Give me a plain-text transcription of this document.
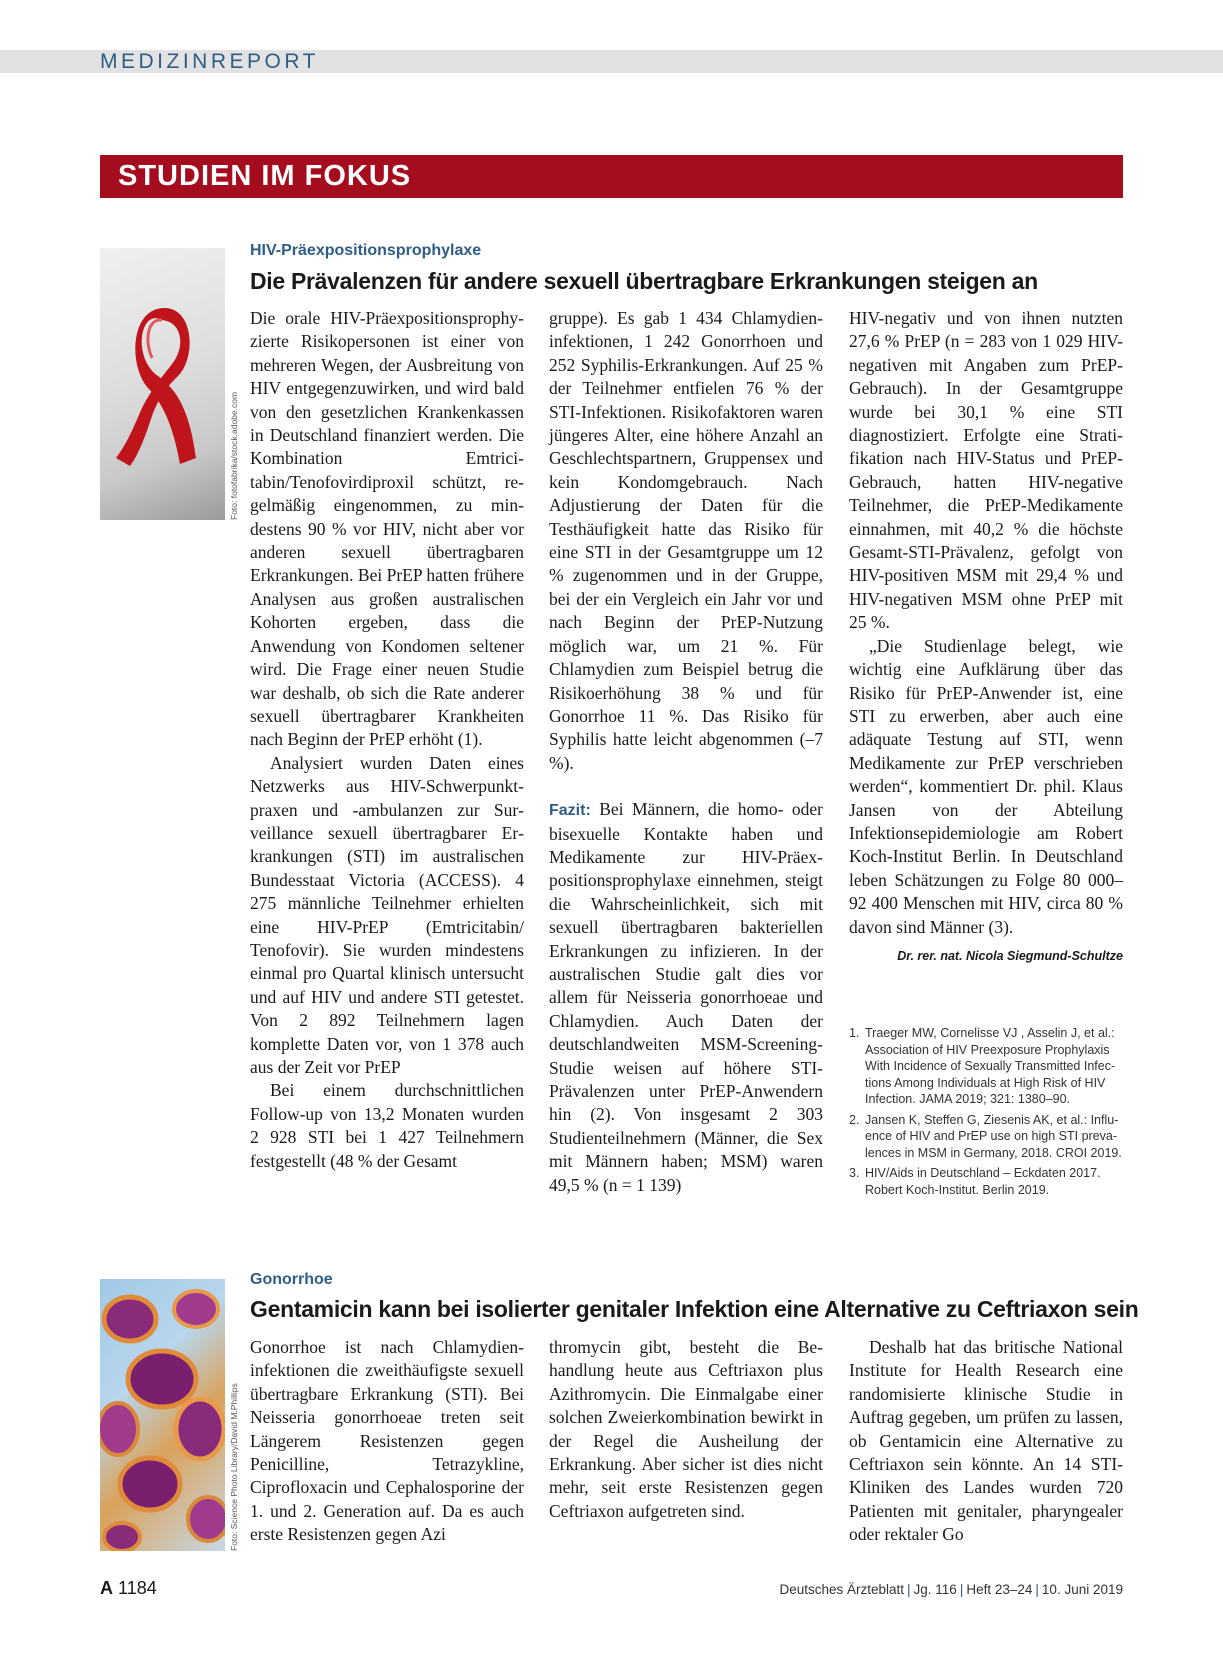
MEDIZINREPORT
STUDIEN IM FOKUS
Foto: fotofabrika/stock.adobe.com
HIV-Präexpositionsprophylaxe
Die Prävalenzen für andere sexuell übertragbare Erkrankungen steigen an

Die orale HIV-Präexpositionsprophyzierte Risikopersonen ist einer von mehreren Wegen, der Ausbreitung von HIV entgegenzuwirken, und wird bald von den gesetzlichen Krankenkassen in Deutschland finanziert werden. Die Kombination Emtricitabin/Tenofovirdiproxil schützt, regelmäßig eingenommen, zu mindestens 90 % vor HIV, nicht aber vor anderen sexuell übertragbaren Erkrankungen. Bei PrEP hatten frühere Analysen aus großen australischen Kohorten ergeben, dass die Anwendung von Kondomen seltener wird. Die Frage einer neuen Studie war deshalb, ob sich die Rate anderer sexuell übertragbarer Krankheiten nach Beginn der PrEP erhöht (1).

Analysiert wurden Daten eines Netzwerks aus HIV-Schwerpunktpraxen und -ambulanzen zur Surveillance sexuell übertragbarer Erkrankungen (STI) im australischen Bundesstaat Victoria (ACCESS). 4 275 männliche Teilnehmer erhielten eine HIV-PrEP (Emtricitabin/ Tenofovir). Sie wurden mindestens einmal pro Quartal klinisch untersucht und auf HIV und andere STI getestet. Von 2 892 Teilnehmern lagen komplette Daten vor, von 1 378 auch aus der Zeit vor PrEP

Bei einem durchschnittlichen Follow-up von 13,2 Monaten wurden 2 928 STI bei 1 427 Teilnehmern festgestellt (48 % der Gesamt

gruppe). Es gab 1 434 Chlamydieninfektionen, 1 242 Gonorrhoen und 252 Syphilis-Erkrankungen. Auf 25 % der Teilnehmer entfielen 76 % der STI-Infektionen. Risikofaktoren waren jüngeres Alter, eine höhere Anzahl an Geschlechtspartnern, Gruppensex und kein Kondomgebrauch. Nach Adjustierung der Daten für die Testhäufigkeit hatte das Risiko für eine STI in der Gesamtgruppe um 12 % zugenommen und in der Gruppe, bei der ein Vergleich ein Jahr vor und nach Beginn der PrEP-Nutzung möglich war, um 21 %. Für Chlamydien zum Beispiel betrug die Risikoerhöhung 38 % und für Gonorrhoe 11 %. Das Risiko für Syphilis hatte leicht abgenommen (–7 %).

Fazit: Bei Männern, die homo- oder bisexuelle Kontakte haben und Medikamente zur HIV-Präexpositionsprophylaxe einnehmen, steigt die Wahrscheinlichkeit, sich mit sexuell übertragbaren bakteriellen Erkrankungen zu infizieren. In der australischen Studie galt dies vor allem für Neisseria gonorrhoeae und Chlamydien. Auch Daten der deutschlandweiten MSM-Screening-Studie weisen auf höhere STI-Prävalenzen unter PrEP-Anwendern hin (2). Von insgesamt 2 303 Studienteilnehmern (Männer, die Sex mit Männern haben; MSM) waren 49,5 % (n = 1 139)

HIV-negativ und von ihnen nutzten 27,6 % PrEP (n = 283 von 1 029 HIV-negativen mit Angaben zum PrEP-Gebrauch). In der Gesamtgruppe wurde bei 30,1 % eine STI diagnostiziert. Erfolgte eine Stratifikation nach HIV-Status und PrEP-Gebrauch, hatten HIV-negative Teilnehmer, die PrEP-Medikamente einnahmen, mit 40,2 % die höchste Gesamt-STI-Prävalenz, gefolgt von HIV-positiven MSM mit 29,4 % und HIV-negativen MSM ohne PrEP mit 25 %.

„Die Studienlage belegt, wie wichtig eine Aufklärung über das Risiko für PrEP-Anwender ist, eine STI zu erwerben, aber auch eine adäquate Testung auf STI, wenn Medikamente zur PrEP verschrieben werden“, kommentiert Dr. phil. Klaus Jansen von der Abteilung Infektionsepidemiologie am Robert Koch-Institut Berlin. In Deutschland leben Schätzungen zu Folge 80 000–92 400 Menschen mit HIV, circa 80 % davon sind Männer (3).

Dr. rer. nat. Nicola Siegmund-Schultze
1. Traeger MW, Cornelisse VJ , Asselin J, et al.: Association of HIV Preexposure Prophylaxis With Incidence of Sexually Transmitted Infections Among Individuals at High Risk of HIV Infection. JAMA 2019; 321: 1380–90.
2. Jansen K, Steffen G, Ziesenis AK, et al.: Influence of HIV and PrEP use on high STI prevalences in MSM in Germany, 2018. CROI 2019.
3. HIV/Aids in Deutschland – Eckdaten 2017. Robert Koch-Institut. Berlin 2019.
Foto: Science Photo Library/David M.Phillips
Gonorrhoe
Gentamicin kann bei isolierter genitaler Infektion eine Alternative zu Ceftriaxon sein

Gonorrhoe ist nach Chlamydieninfektionen die zweithäufigste sexuell übertragbare Erkrankung (STI). Bei Neisseria gonorrhoeae treten seit Längerem Resistenzen gegen Penicilline, Tetrazykline, Ciprofloxacin und Cephalosporine der 1. und 2. Generation auf. Da es auch erste Resistenzen gegen Azi

thromycin gibt, besteht die Behandlung heute aus Ceftriaxon plus Azithromycin. Die Einmalgabe einer solchen Zweierkombination bewirkt in der Regel die Ausheilung der Erkrankung. Aber sicher ist dies nicht mehr, seit erste Resistenzen gegen Ceftriaxon aufgetreten sind.

Deshalb hat das britische National Institute for Health Research eine randomisierte klinische Studie in Auftrag gegeben, um prüfen zu lassen, ob Gentamicin eine Alternative zu Ceftriaxon sein könnte. An 14 STI-Kliniken des Landes wurden 720 Patienten mit genitaler, pharyngealer oder rektaler Go

A 1184	Deutsches Ärzteblatt | Jg. 116 | Heft 23–24 | 10. Juni 2019
